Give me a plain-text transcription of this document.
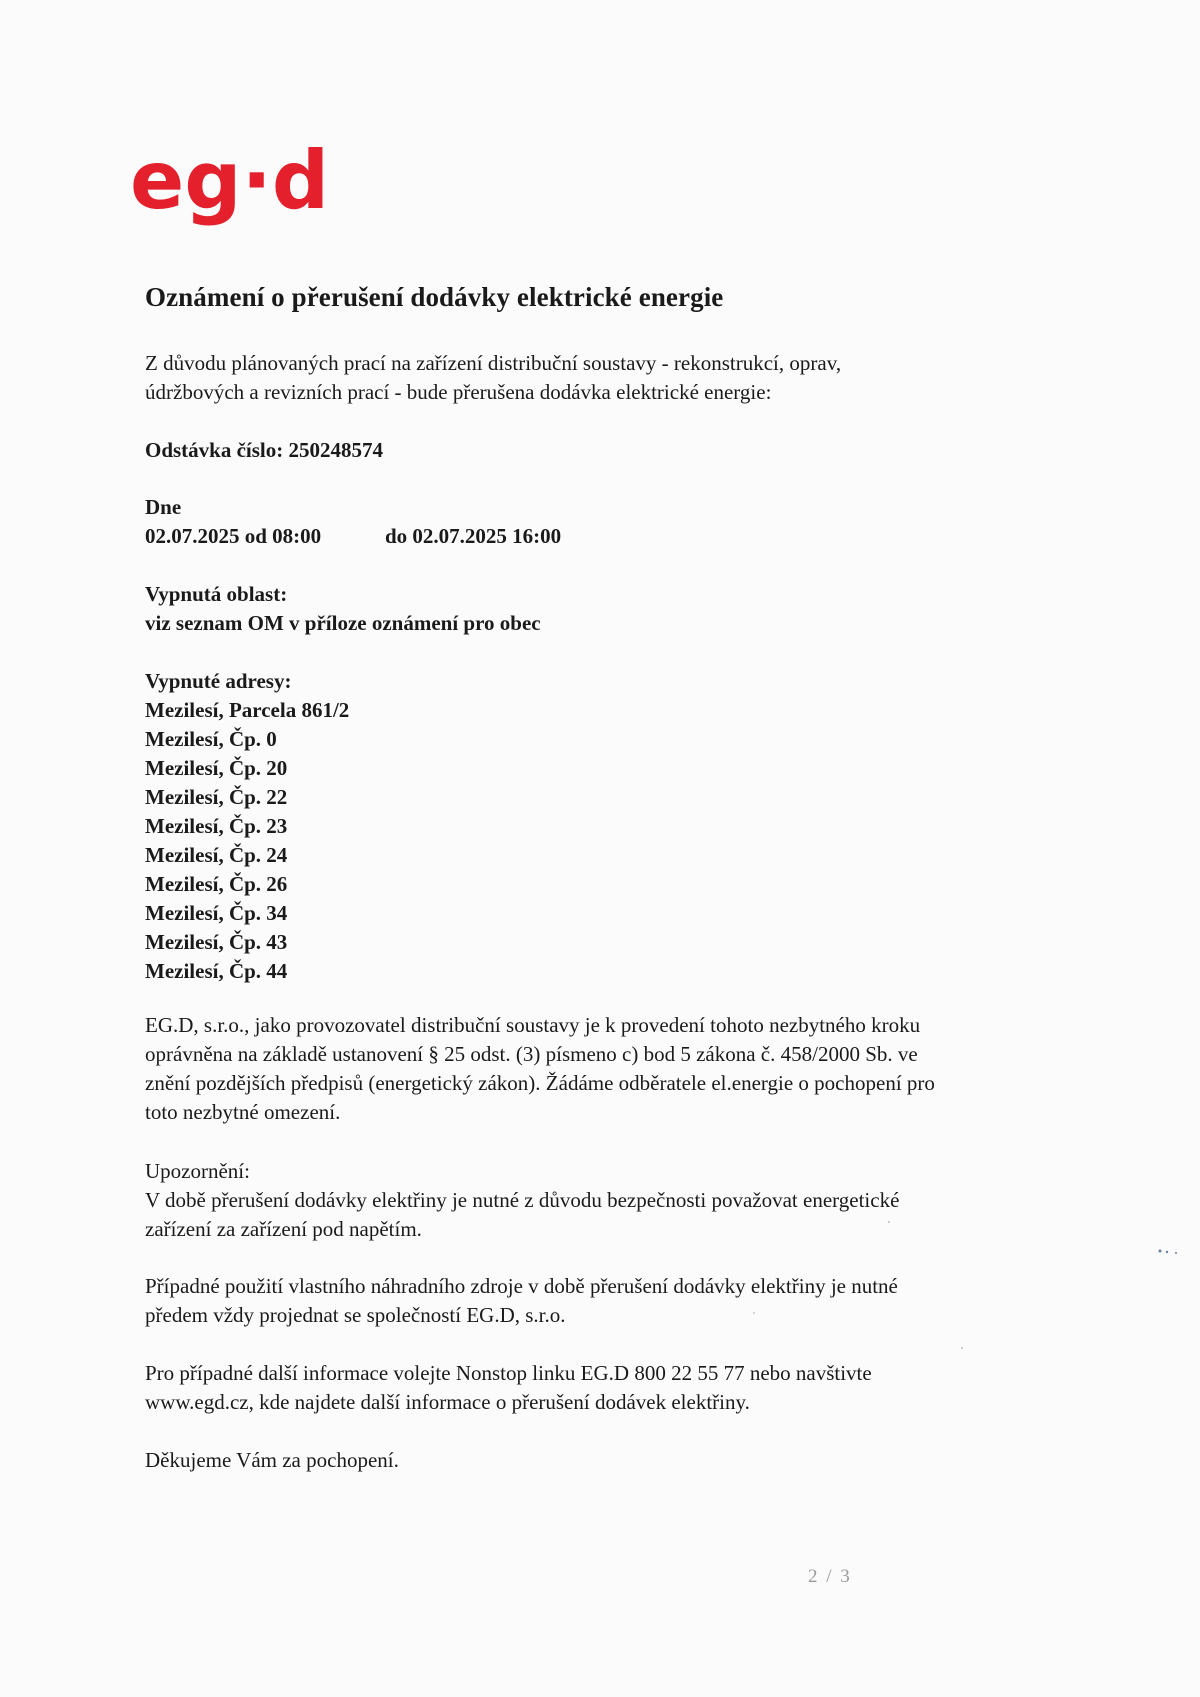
eg·d
Oznámení o přerušení dodávky elektrické energie

Z důvodu plánovaných prací na zařízení distribuční soustavy - rekonstrukcí, oprav,

údržbových a revizních prací - bude přerušena dodávka elektrické energie:

Odstávka číslo: 250248574

Dne

02.07.2025 od 08:00	do 02.07.2025 16:00

Vypnutá oblast:

viz seznam OM v příloze oznámení pro obec

Vypnuté adresy:

Mezilesí, Parcela 861/2

Mezilesí, Čp. 0

Mezilesí, Čp. 20

Mezilesí, Čp. 22

Mezilesí, Čp. 23

Mezilesí, Čp. 24

Mezilesí, Čp. 26

Mezilesí, Čp. 34

Mezilesí, Čp. 43

Mezilesí, Čp. 44

EG.D, s.r.o., jako provozovatel distribuční soustavy je k provedení tohoto nezbytného kroku

oprávněna na základě ustanovení § 25 odst. (3) písmeno c) bod 5 zákona č. 458/2000 Sb. ve

znění pozdějších předpisů (energetický zákon). Žádáme odběratele el.energie o pochopení pro

toto nezbytné omezení.

Upozornění:

V době přerušení dodávky elektřiny je nutné z důvodu bezpečnosti považovat energetické

zařízení za zařízení pod napětím.

Případné použití vlastního náhradního zdroje v době přerušení dodávky elektřiny je nutné

předem vždy projednat se společností EG.D, s.r.o.

Pro případné další informace volejte Nonstop linku EG.D 800 22 55 77 nebo navštivte

www.egd.cz, kde najdete další informace o přerušení dodávek elektřiny.

Děkujeme Vám za pochopení.
2 / 3
